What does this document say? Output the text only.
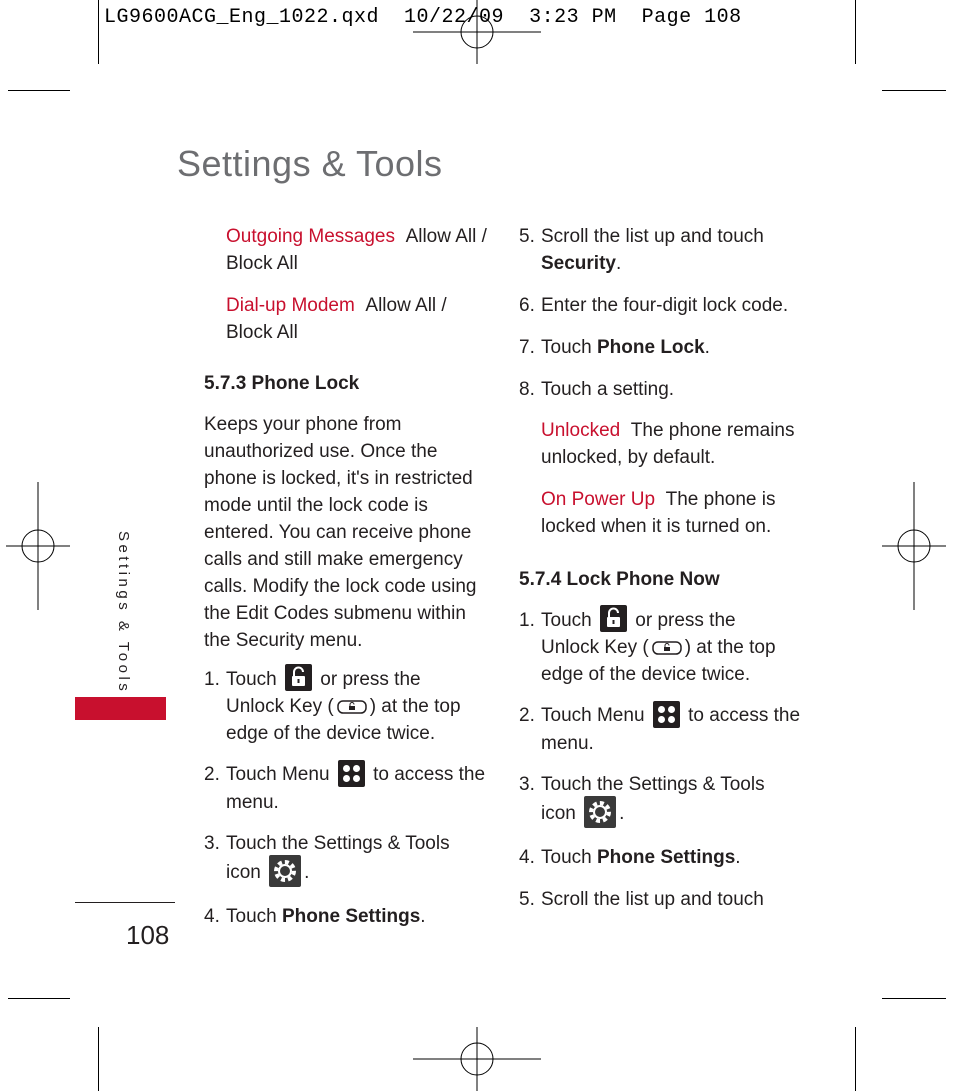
LG9600ACG_Eng_1022.qxd  10/22/09  3:23 PM  Page 108
Settings & Tools
Settings & Tools

Outgoing Messages Allow All /

Block All

Dial-up Modem Allow All /

Block All

5.7.3 Phone Lock

Keeps your phone from

unauthorized use. Once the

phone is locked, it's in restricted

mode until the lock code is

entered. You can receive phone

calls and still make emergency

calls. Modify the lock code using

the Edit Codes submenu within

the Security menu.

1. Touch or press the

Unlock Key ( ) at the top

edge of the device twice.

2. Touch Menu to access the

menu.

3. Touch the Settings & Tools

icon .

4. Touch Phone Settings.

5. Scroll the list up and touch

Security.

6. Enter the four-digit lock code.

7. Touch Phone Lock.

8. Touch a setting.

Unlocked The phone remains

unlocked, by default.

On Power Up The phone is

locked when it is turned on.

5.7.4 Lock Phone Now

1. Touch or press the

Unlock Key ( ) at the top

edge of the device twice.

2. Touch Menu to access the

menu.

3. Touch the Settings & Tools

icon .

4. Touch Phone Settings.

5. Scroll the list up and touch

108
